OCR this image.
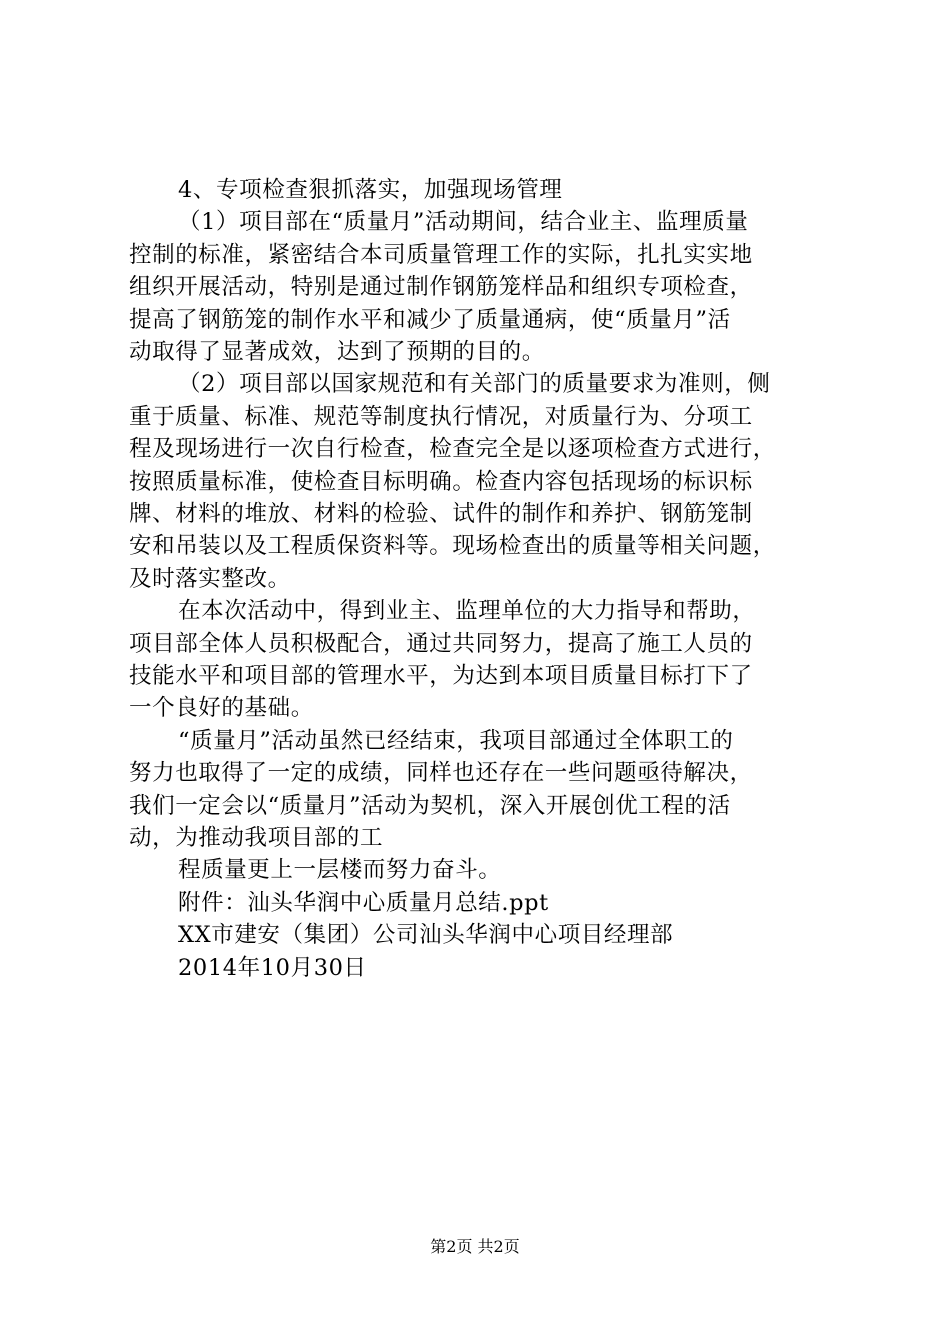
4、专项检查狠抓落实，加强现场管理
（1）项目部在“质量月”活动期间，结合业主、监理质量
控制的标准，紧密结合本司质量管理工作的实际，扎扎实实地
组织开展活动，特别是通过制作钢筋笼样品和组织专项检查，
提高了钢筋笼的制作水平和减少了质量通病，使“质量月”活
动取得了显著成效，达到了预期的目的。
（2）项目部以国家规范和有关部门的质量要求为准则，侧
重于质量、标准、规范等制度执行情况，对质量行为、分项工
程及现场进行一次自行检查，检查完全是以逐项检查方式进行，
按照质量标准，使检查目标明确。检查内容包括现场的标识标
牌、材料的堆放、材料的检验、试件的制作和养护、钢筋笼制
安和吊装以及工程质保资料等。现场检查出的质量等相关问题，
及时落实整改。
在本次活动中，得到业主、监理单位的大力指导和帮助，
项目部全体人员积极配合，通过共同努力，提高了施工人员的
技能水平和项目部的管理水平，为达到本项目质量目标打下了
一个良好的基础。
“质量月”活动虽然已经结束，我项目部通过全体职工的
努力也取得了一定的成绩，同样也还存在一些问题亟待解决，
我们一定会以“质量月”活动为契机，深入开展创优工程的活
动，为推动我项目部的工
程质量更上一层楼而努力奋斗。
附件：汕头华润中心质量月总结.ppt
XX市建安（集团）公司汕头华润中心项目经理部
2014年10月30日
第2页 共2页
